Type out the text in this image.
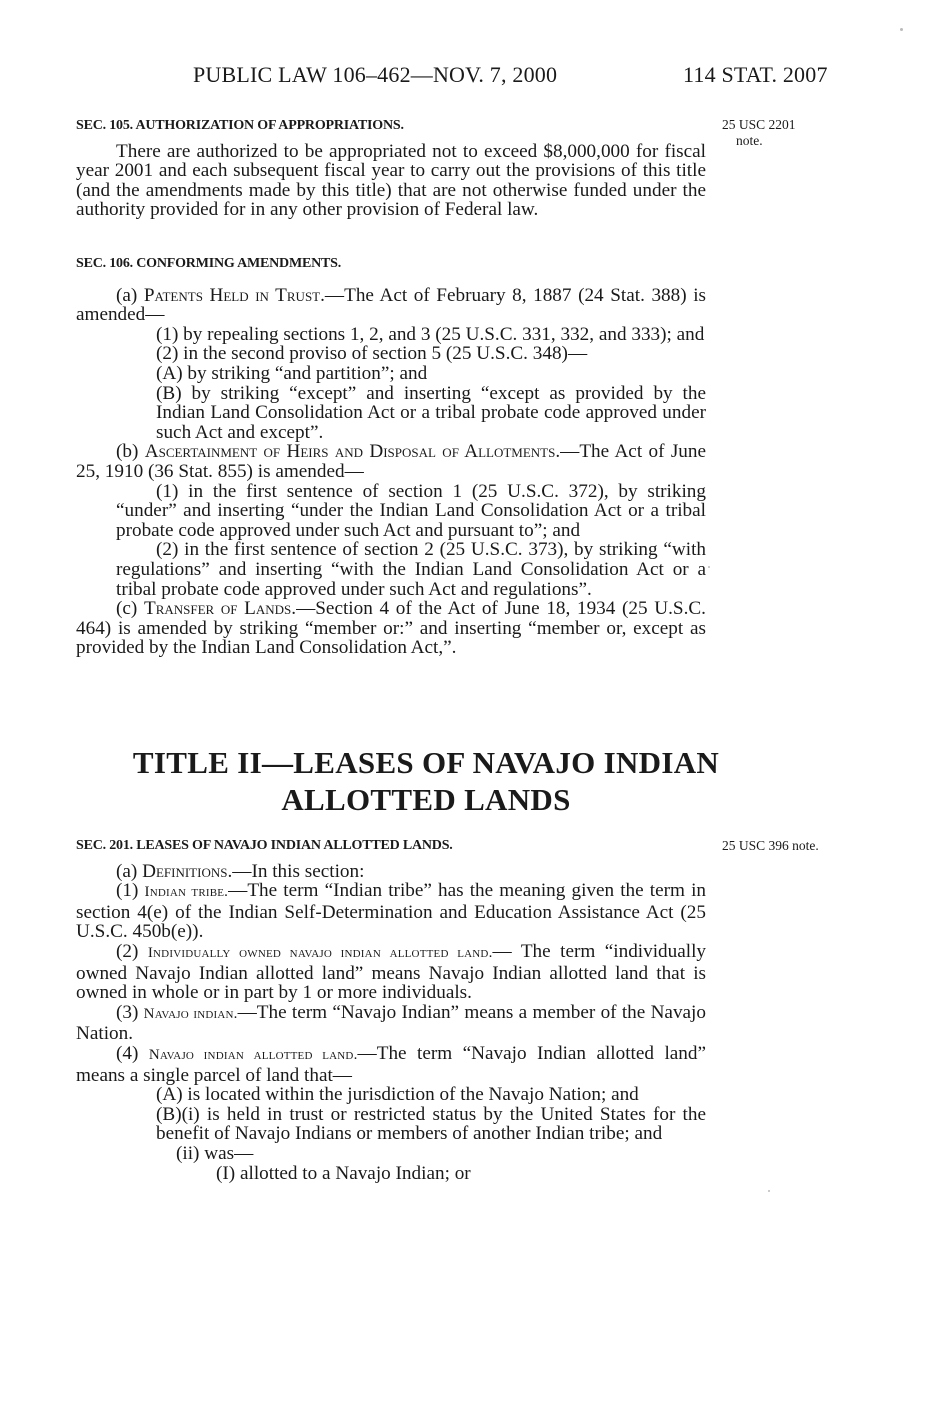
PUBLIC LAW 106–462—NOV. 7, 2000	114 STAT. 2007

SEC. 105. AUTHORIZATION OF APPROPRIATIONS.

There are authorized to be appropriated not to exceed $8,000,000 for fiscal year 2001 and each subsequent fiscal year to carry out the provisions of this title (and the amendments made by this title) that are not otherwise funded under the authority provided for in any other provision of Federal law.

25 USC 2201
note.

SEC. 106. CONFORMING AMENDMENTS.

(a) Patents Held in Trust.—The Act of February 8, 1887 (24 Stat. 388) is amended—

(1) by repealing sections 1, 2, and 3 (25 U.S.C. 331, 332, and 333); and

(2) in the second proviso of section 5 (25 U.S.C. 348)—

(A) by striking “and partition”; and

(B) by striking “except” and inserting “except as provided by the Indian Land Consolidation Act or a tribal probate code approved under such Act and except”.

(b) Ascertainment of Heirs and Disposal of Allotments.—The Act of June 25, 1910 (36 Stat. 855) is amended—

(1) in the first sentence of section 1 (25 U.S.C. 372), by striking “under” and inserting “under the Indian Land Consolidation Act or a tribal probate code approved under such Act and pursuant to”; and

(2) in the first sentence of section 2 (25 U.S.C. 373), by striking “with regulations” and inserting “with the Indian Land Consolidation Act or a tribal probate code approved under such Act and regulations”.

(c) Transfer of Lands.—Section 4 of the Act of June 18, 1934 (25 U.S.C. 464) is amended by striking “member or:” and inserting “member or, except as provided by the Indian Land Consolidation Act,”.

TITLE II—LEASES OF NAVAJO INDIAN
ALLOTTED LANDS

SEC. 201. LEASES OF NAVAJO INDIAN ALLOTTED LANDS.

(a) Definitions.—In this section:

(1) Indian tribe.—The term “Indian tribe” has the meaning given the term in section 4(e) of the Indian Self-Determination and Education Assistance Act (25 U.S.C. 450b(e)).

(2) Individually owned navajo indian allotted land.— The term “individually owned Navajo Indian allotted land” means Navajo Indian allotted land that is owned in whole or in part by 1 or more individuals.

(3) Navajo indian.—The term “Navajo Indian” means a member of the Navajo Nation.

(4) Navajo indian allotted land.—The term “Navajo Indian allotted land” means a single parcel of land that—

(A) is located within the jurisdiction of the Navajo Nation; and

(B)(i) is held in trust or restricted status by the United States for the benefit of Navajo Indians or members of another Indian tribe; and

(ii) was—

(I) allotted to a Navajo Indian; or

25 USC 396 note.
